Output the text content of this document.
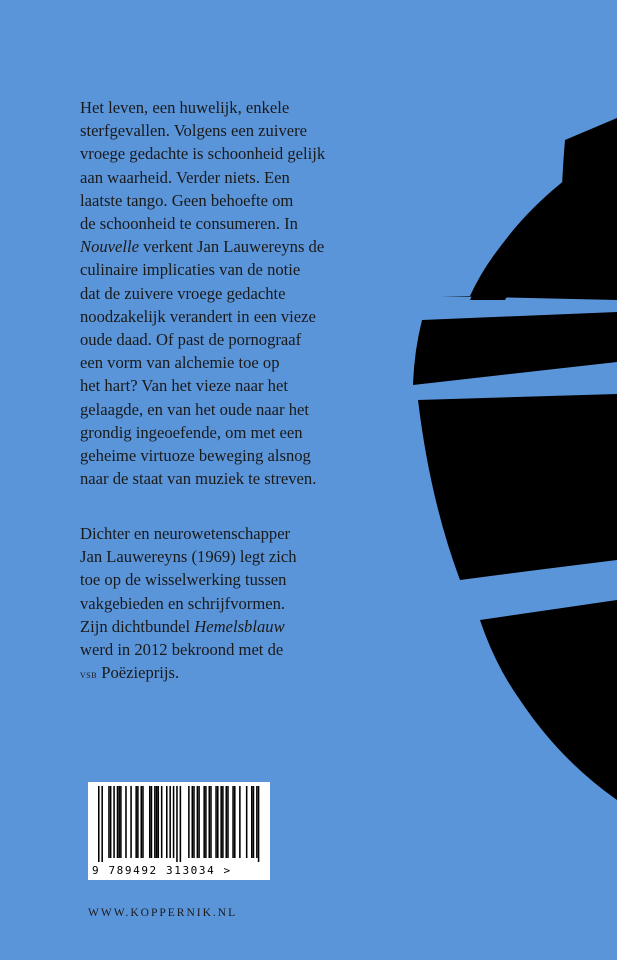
Het leven, een huwelijk, enkele

sterfgevallen. Volgens een zuivere

vroege gedachte is schoonheid gelijk

aan waarheid. Verder niets. Een

laatste tango. Geen behoefte om

de schoonheid te consumeren. In

Nouvelle verkent Jan Lauwereyns de

culinaire implicaties van de notie

dat de zuivere vroege gedachte

noodzakelijk verandert in een vieze

oude daad. Of past de pornograaf

een vorm van alchemie toe op

het hart? Van het vieze naar het

gelaagde, en van het oude naar het

grondig ingeoefende, om met een

geheime virtuoze beweging alsnog

naar de staat van muziek te streven.

Dichter en neurowetenschapper

Jan Lauwereyns (1969) legt zich

toe op de wisselwerking tussen

vakgebieden en schrijfvormen.

Zijn dichtbundel Hemelsblauw

werd in 2012 bekroond met de

vsb Poëzieprijs.

9 789492 313034 >
WWW.KOPPERNIK.NL
